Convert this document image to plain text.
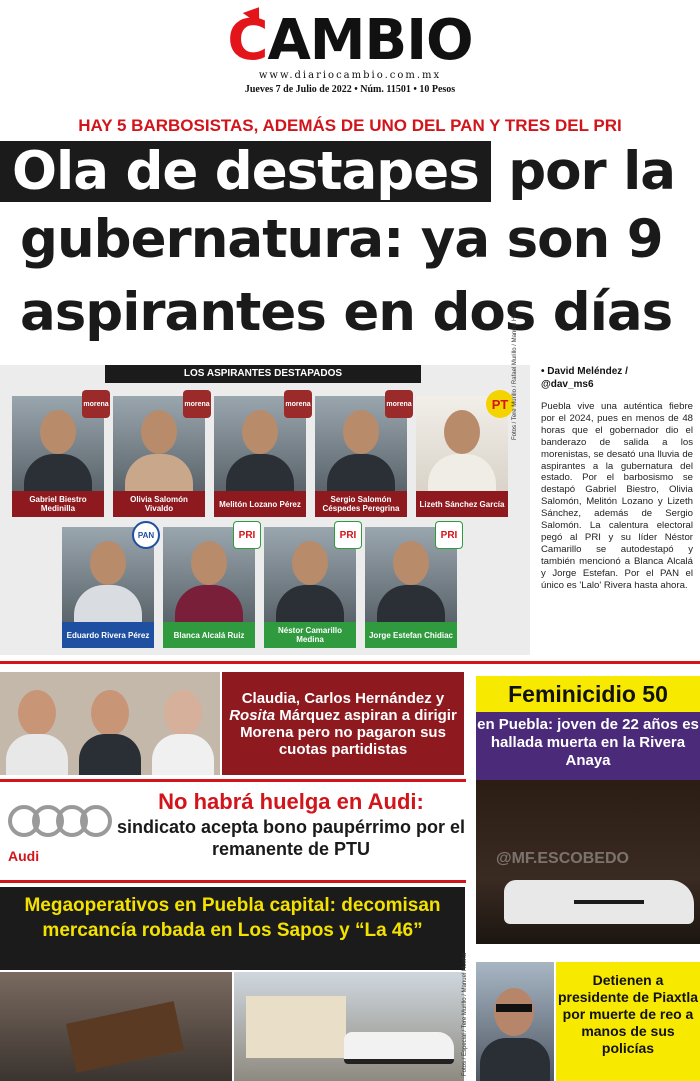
CAMBIO
www.diariocambio.com.mx
Jueves 7 de Julio de 2022 • Núm. 11501 • 10 Pesos
HAY 5 BARBOSISTAS, ADEMÁS DE UNO DEL PAN Y TRES DEL PRI
Ola de destapes por la
gubernatura: ya son 9
aspirantes en dos días
LOS ASPIRANTES DESTAPADOS
Gabriel Biestro Medinilla
morena
Olivia Salomón Vivaldo
morena
Melitón Lozano Pérez
morena
Sergio Salomón Céspedes Peregrina
morena
Lizeth Sánchez García
PT
Eduardo Rivera Pérez
PAN
Blanca Alcalá Ruiz
PRI
Néstor Camarillo Medina
PRI
Jorge Estefan Chidiac
PRI
Fotos / Tere Murillo / Rafael Murillo / Manuel Huerta • David Meléndez /
@dav_ms6
Puebla vive una auténtica fiebre por el 2024, pues en menos de 48 horas que el gobernador dio el banderazo de salida a los morenistas, se desató una lluvia de aspirantes a la gubernatura del estado. Por el barbosismo se destapó Gabriel Biestro, Olivia Salomón, Melitón Lozano y Lizeth Sánchez, además de Sergio Salomón. La calentura electoral pegó al PRI y su líder Néstor Camarillo se autodestapó y también mencionó a Blanca Alcalá y Jorge Estefan. Por el PAN el único es 'Lalo' Rivera hasta ahora.
Claudia, Carlos Hernández y Rosita Márquez aspiran a dirigir Morena pero no pagaron sus cuotas partidistas
Feminicidio 50
en Puebla: joven de 22 años es hallada muerta en la Rivera Anaya
@MF.ESCOBEDO
Audi
No habrá huelga en Audi:
sindicato acepta bono paupérrimo por el remanente de PTU
Megaoperativos en Puebla capital: decomisan mercancía robada en Los Sapos y “La 46”
Fotos / Especial / Tere Murillo / Manuel Huerta	Detienen a presidente de Piaxtla por muerte de reo a manos de sus policías
